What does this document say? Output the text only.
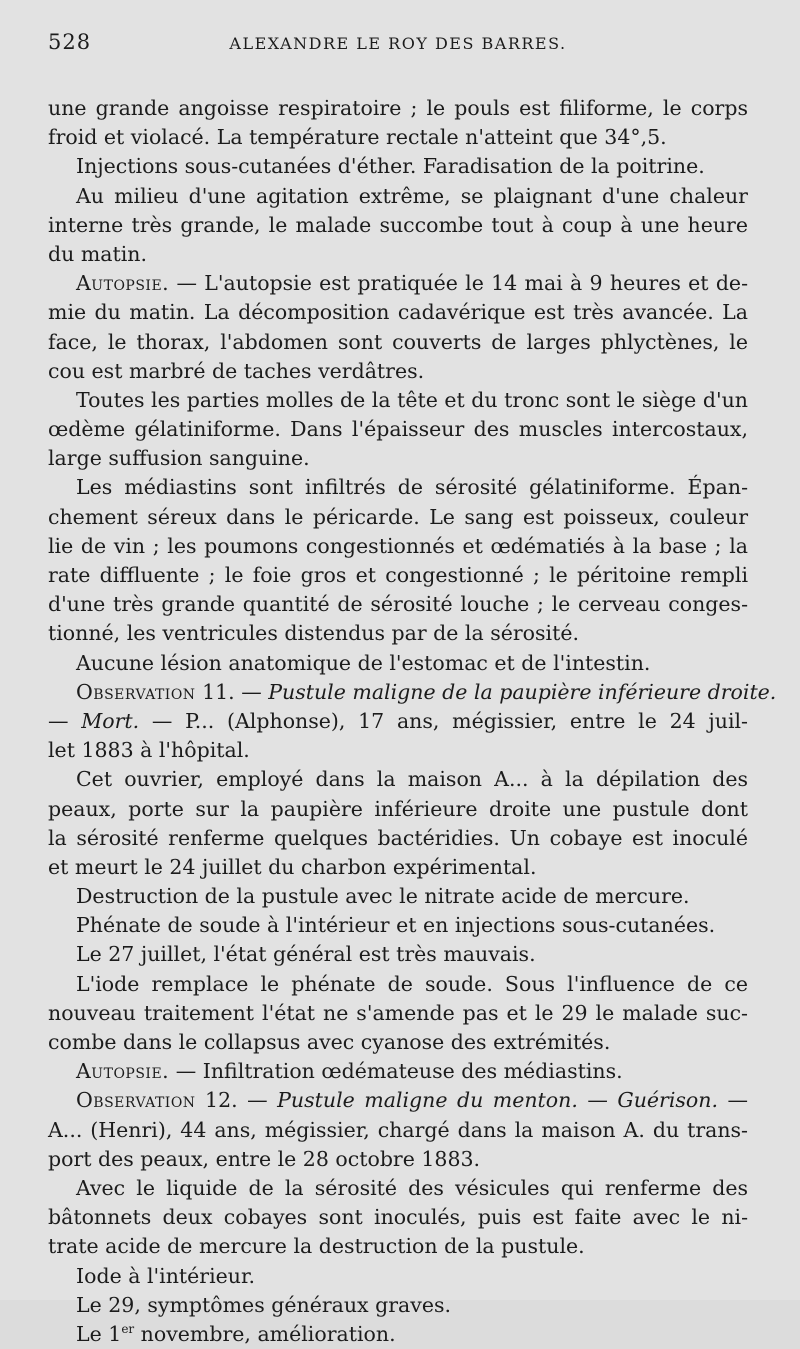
528	ALEXANDRE LE ROY DES BARRES.
une grande angoisse respiratoire ; le pouls est filiforme, le corps
froid et violacé. La température rectale n'atteint que 34°,5.
Injections sous-cutanées d'éther. Faradisation de la poitrine.
Au milieu d'une agitation extrême, se plaignant d'une chaleur
interne très grande, le malade succombe tout à coup à une heure
du matin.
Autopsie. — L'autopsie est pratiquée le 14 mai à 9 heures et de-
mie du matin. La décomposition cadavérique est très avancée. La
face, le thorax, l'abdomen sont couverts de larges phlyctènes, le
cou est marbré de taches verdâtres.
Toutes les parties molles de la tête et du tronc sont le siège d'un
œdème gélatiniforme. Dans l'épaisseur des muscles intercostaux,
large suffusion sanguine.
Les médiastins sont infiltrés de sérosité gélatiniforme. Épan-
chement séreux dans le péricarde. Le sang est poisseux, couleur
lie de vin ; les poumons congestionnés et œdématiés à la base ; la
rate diffluente ; le foie gros et congestionné ; le péritoine rempli
d'une très grande quantité de sérosité louche ; le cerveau conges-
tionné, les ventricules distendus par de la sérosité.
Aucune lésion anatomique de l'estomac et de l'intestin.
Observation 11. — Pustule maligne de la paupière inférieure droite.
— Mort. — P... (Alphonse), 17 ans, mégissier, entre le 24 juil-
let 1883 à l'hôpital.
Cet ouvrier, employé dans la maison A... à la dépilation des
peaux, porte sur la paupière inférieure droite une pustule dont
la sérosité renferme quelques bactéridies. Un cobaye est inoculé
et meurt le 24 juillet du charbon expérimental.
Destruction de la pustule avec le nitrate acide de mercure.
Phénate de soude à l'intérieur et en injections sous-cutanées.
Le 27 juillet, l'état général est très mauvais.
L'iode remplace le phénate de soude. Sous l'influence de ce
nouveau traitement l'état ne s'amende pas et le 29 le malade suc-
combe dans le collapsus avec cyanose des extrémités.
Autopsie. — Infiltration œdémateuse des médiastins.
Observation 12. — Pustule maligne du menton. — Guérison. —
A... (Henri), 44 ans, mégissier, chargé dans la maison A. du trans-
port des peaux, entre le 28 octobre 1883.
Avec le liquide de la sérosité des vésicules qui renferme des
bâtonnets deux cobayes sont inoculés, puis est faite avec le ni-
trate acide de mercure la destruction de la pustule.
Iode à l'intérieur.
Le 29, symptômes généraux graves.
Le 1er novembre, amélioration.
